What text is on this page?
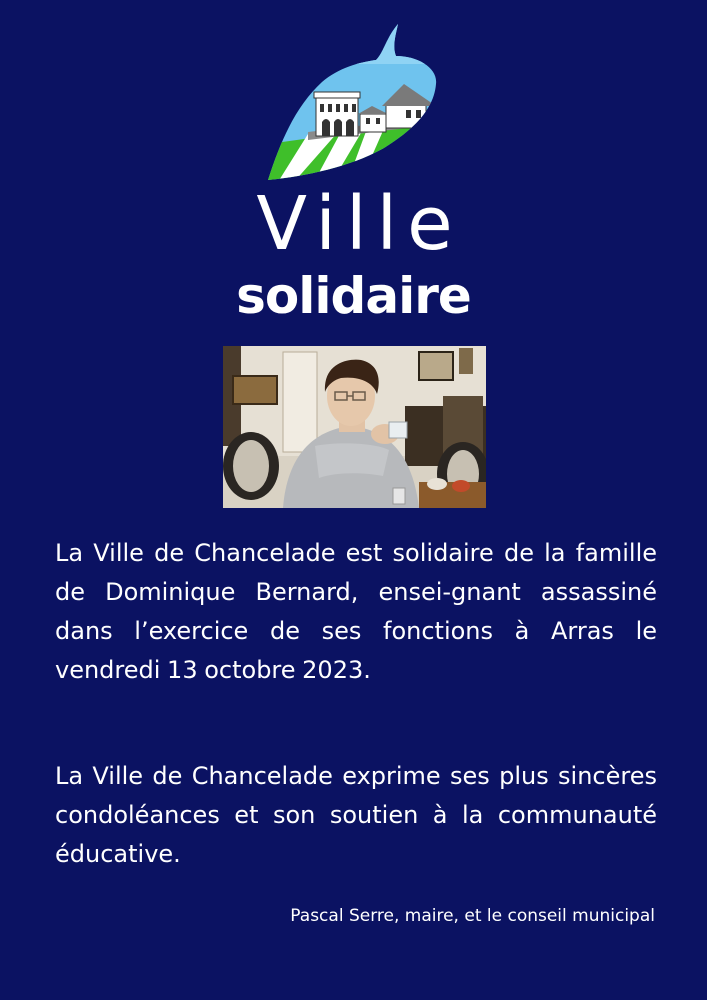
Ville
solidaire
La Ville de Chancelade est solidaire de la famille de Dominique Bernard, ensei-gnant assassiné dans l’exercice de ses fonctions à Arras le vendredi 13 octobre 2023.
La Ville de Chancelade exprime ses plus sincères condoléances et son soutien à la communauté éducative.
Pascal Serre, maire, et le conseil municipal
